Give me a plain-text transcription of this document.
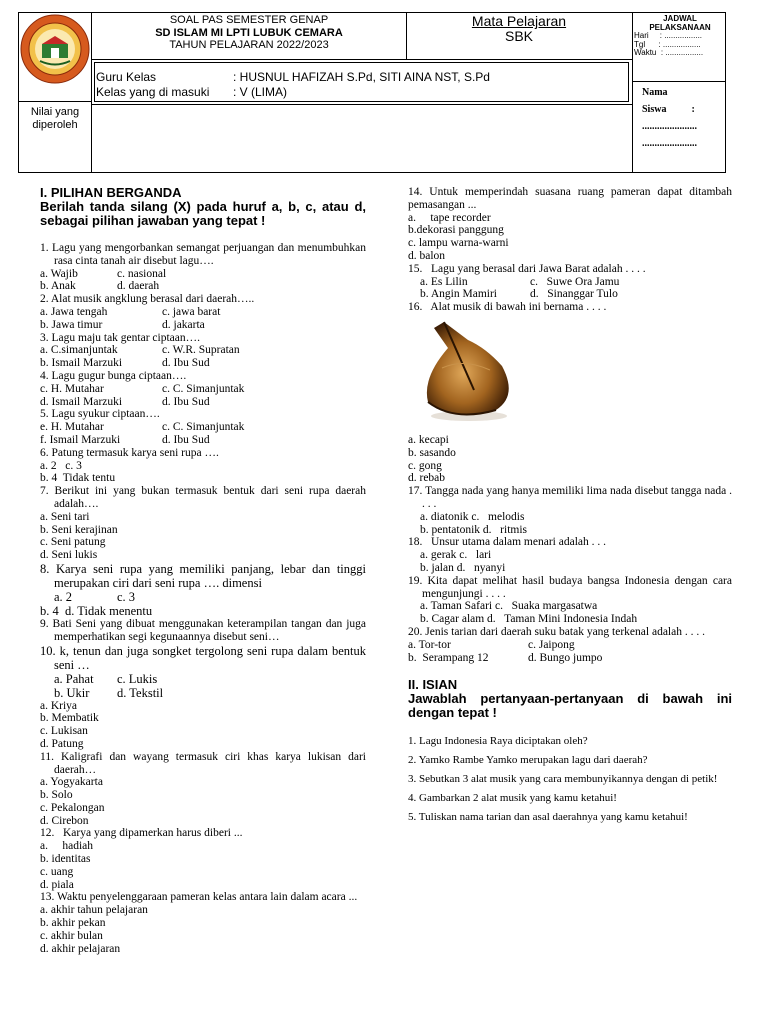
SOAL PAS SEMESTER GENAP
SD ISLAM MI LPTI LUBUK CEMARA
TAHUN PELAJARAN 2022/2023
Mata Pelajaran
SBK
JADWAL
PELAKSANAAN
Hari     : .................
Tgl      : .................
Waktu  : .................
Guru Kelas	: HUSNUL HAFIZAH S.Pd, SITI AINA NST, S.Pd
Kelas yang di masuki : V (LIMA)	Nama
Siswa          :
......................
......................
Nilai yang
diperoleh
I. PILIHAN BERGANDA
Berilah tanda silang (X) pada huruf a, b, c, atau d, sebagai pilihan jawaban yang tepat !
1. Lagu yang mengorbankan semangat perjuangan dan menumbuhkan rasa cinta tanah air disebut lagu….
a. Wajib	c. nasional
b. Anak	d. daerah
2. Alat musik angklung berasal dari daerah…..
a. Jawa tengah	c. jawa barat
b. Jawa timur	d. jakarta
3. Lagu maju tak gentar ciptaan….
a. C.simanjuntak	c. W.R. Supratan
b. Ismail Marzuki	d. Ibu Sud
4. Lagu gugur bunga ciptaan….
c. H. Mutahar	c. C. Simanjuntak
d. Ismail Marzuki	d. Ibu Sud
5. Lagu syukur ciptaan….
e. H. Mutahar	c. C. Simanjuntak
f. Ismail Marzuki	d. Ibu Sud
6. Patung termasuk karya seni rupa ….
a. 2   c. 3
b. 4  Tidak tentu
7. Berikut ini yang bukan termasuk bentuk dari seni rupa daerah adalah….
a. Seni tari
b. Seni kerajinan
c. Seni patung
d. Seni lukis
8. Karya seni rupa yang memiliki panjang, lebar dan tinggi merupakan ciri dari seni rupa …. dimensi
a. 2	c. 3
b. 4  d. Tidak menentu
9. Bati Seni yang dibuat menggunakan keterampilan tangan dan juga memperhatikan segi kegunaannya disebut seni…
10. k, tenun dan juga songket tergolong seni rupa dalam bentuk seni …
a. Pahat c. Lukis
b. Ukir d. Tekstil
a. Kriya
b. Membatik
c. Lukisan
d. Patung
11. Kaligrafi dan wayang termasuk ciri khas karya lukisan dari daerah…
a. Yogyakarta
b. Solo
c. Pekalongan
d. Cirebon
12.   Karya yang dipamerkan harus diberi ...
a.     hadiah
b. identitas
c. uang
d. piala
13. Waktu penyelenggaraan pameran kelas antara lain dalam acara ...
a. akhir tahun pelajaran
b. akhir pekan
c. akhir bulan
d. akhir pelajaran
14. Untuk memperindah suasana ruang pameran dapat ditambah pemasangan ...
a.     tape recorder
b.dekorasi panggung
c. lampu warna-warni
d. balon
15.   Lagu yang berasal dari Jawa Barat adalah . . . .
a. Es Lilin	c.   Suwe Ora Jamu
b. Angin Mamiri	d.   Sinanggar Tulo
16.   Alat musik di bawah ini bernama . . . .
a. kecapi
b. sasando
c. gong
d. rebab
17. Tangga nada yang hanya memiliki lima nada disebut tangga nada . . . .
a. diatonik c.   melodis
b. pentatonik d.   ritmis
18.   Unsur utama dalam menari adalah . . .
a. gerak c.   lari
b. jalan d.   nyanyi
19. Kita dapat melihat hasil budaya bangsa Indonesia dengan cara mengunjungi . . . .
a. Taman Safari c.   Suaka margasatwa
b. Cagar alam d.   Taman Mini Indonesia Indah
20. Jenis tarian dari daerah suku batak yang terkenal adalah . . . .
a. Tor-tor	c. Jaipong
b.  Serampang 12	d. Bungo jumpo
II. ISIAN
Jawablah pertanyaan-pertanyaan di bawah ini dengan tepat !
1. Lagu Indonesia Raya diciptakan oleh?
2. Yamko Rambe Yamko merupakan lagu dari daerah?
3. Sebutkan 3 alat musik yang cara membunyikannya dengan di petik!
4. Gambarkan 2 alat musik yang kamu ketahui!
5. Tuliskan nama tarian dan asal daerahnya yang kamu ketahui!
